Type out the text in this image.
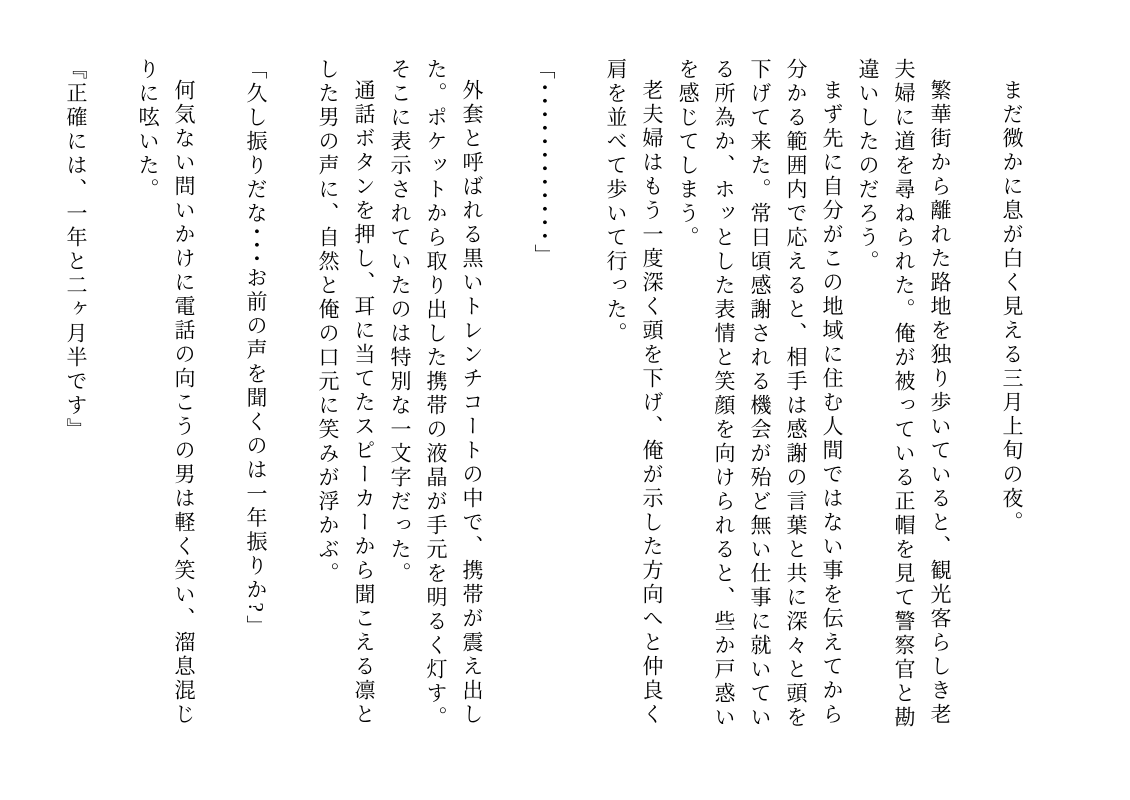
まだ微かに息が白く見える三月上旬の夜。

繁華街から離れた路地を独り歩いていると、観光客らしき老夫婦に道を尋ねられた。俺が被っている正帽を見て警察官と勘違いしたのだろう。

まず先に自分がこの地域に住む人間ではない事を伝えてから分かる範囲内で応えると、相手は感謝の言葉と共に深々と頭を下げて来た。常日頃感謝される機会が殆ど無い仕事に就いている所為か、ホッとした表情と笑顔を向けられると、些か戸惑いを感じてしまう。

老夫婦はもう一度深く頭を下げ、俺が示した方向へと仲良く肩を並べて歩いて行った。

「････････････」

外套と呼ばれる黒いトレンチコートの中で、携帯が震え出した。ポケットから取り出した携帯の液晶が手元を明るく灯す。そこに表示されていたのは特別な一文字だった。

通話ボタンを押し、耳に当てたスピーカーから聞こえる凛とした男の声に、自然と俺の口元に笑みが浮かぶ。

「久し振りだな･･･お前の声を聞くのは一年振りか?」

何気ない問いかけに電話の向こうの男は軽く笑い、溜息混じりに呟いた。

『正確には、一年と二ヶ月半です』
